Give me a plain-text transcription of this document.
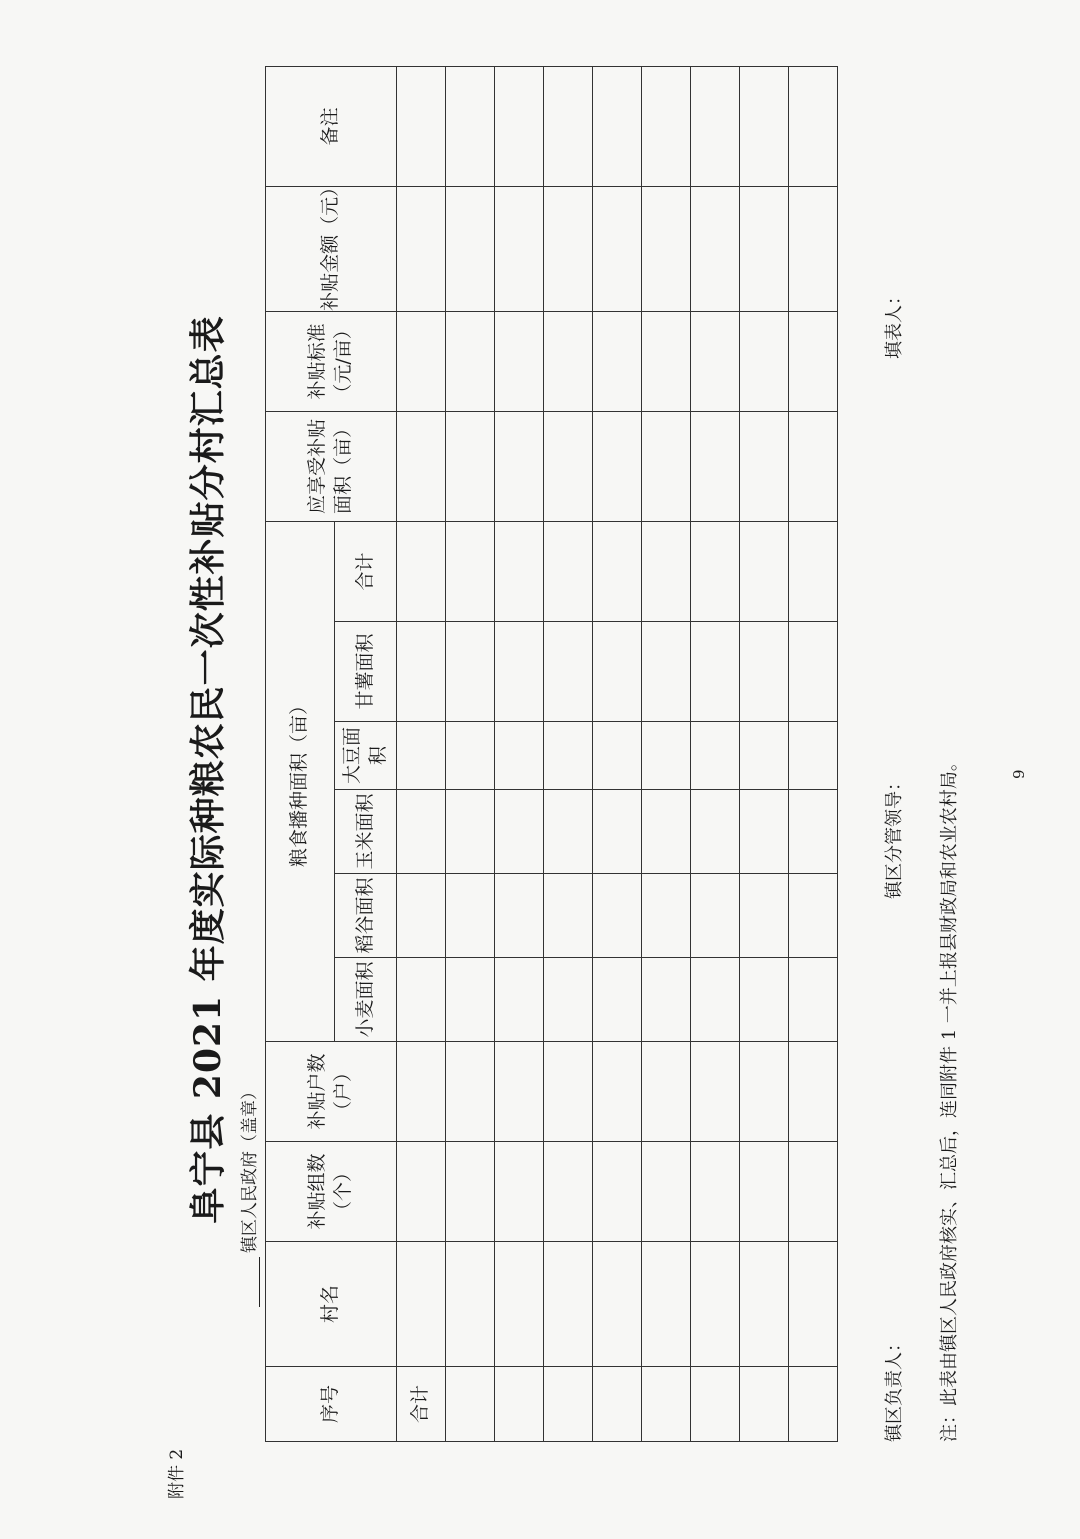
附件 2
阜宁县 2021 年度实际种粮农民一次性补贴分村汇总表 镇区人民政府（盖章）
序号	村名	补贴组数（个）	补贴户数（户）	粮食播种面积（亩）						应享受补贴面积（亩）	补贴标准（元/亩）	补贴金额（元）	备注
				小麦面积	稻谷面积	玉米面积	大豆面积	甘薯面积	合计				
合计													

														镇区负责人：
镇区分管领导：
填表人：
注：此表由镇区人民政府核实、汇总后，连同附件 1 一并上报县财政局和农业农村局。	9
